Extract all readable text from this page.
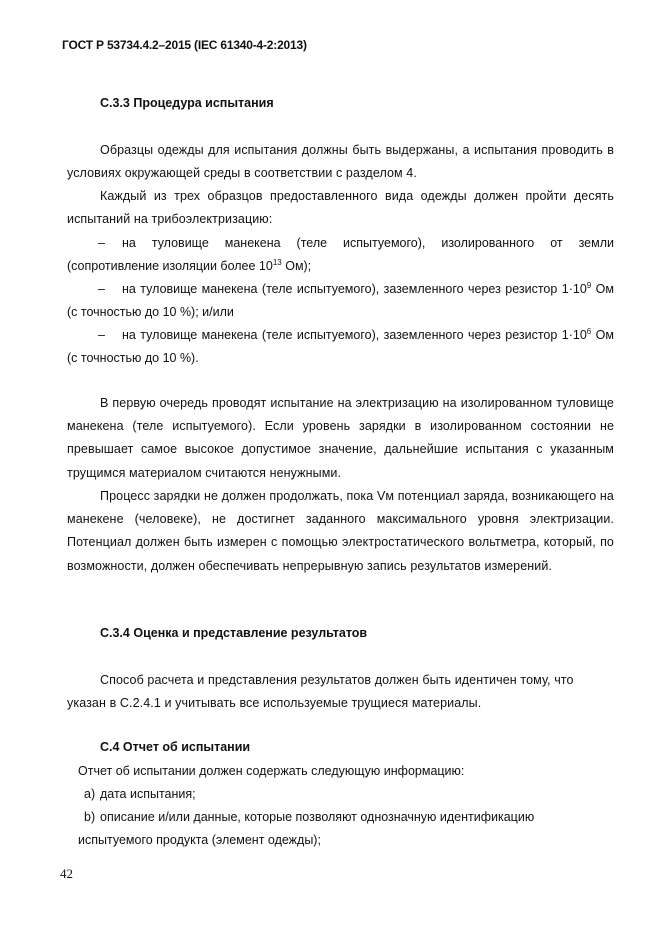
ГОСТ Р 53734.4.2–2015 (IEC 61340-4-2:2013)
С.3.3 Процедура испытания

Образцы одежды для испытания должны быть выдержаны, а испытания проводить в условиях окружающей среды в соответствии с разделом 4.

Каждый из трех образцов предоставленного вида одежды должен пройти десять испытаний на трибоэлектризацию:

– на туловище манекена (теле испытуемого), изолированного от земли (сопротивление изоляции более $10^{13}$ Ом);

– на туловище манекена (теле испытуемого), заземленного через резистор $1\cdot 10^9$ Ом (с точностью до 10 %); и/или

– на туловище манекена (теле испытуемого), заземленного через резистор $1\cdot 10^6$ Ом (с точностью до 10 %).

В первую очередь проводят испытание на электризацию на изолированном туловище манекена (теле испытуемого). Если уровень зарядки в изолированном состоянии не превышает самое высокое допустимое значение, дальнейшие испытания с указанным трущимся материалом считаются ненужными.

Процесс зарядки не должен продолжать, пока Vм потенциал заряда, возникающего на манекене (человеке), не достигнет заданного максимального уровня электризации. Потенциал должен быть измерен с помощью электростатического вольтметра, который, по возможности, должен обеспечивать непрерывную запись результатов измерений.

С.3.4 Оценка и представление результатов

Способ расчета и представления результатов должен быть идентичен тому, что указан в С.2.4.1 и учитывать все используемые трущиеся материалы.

С.4 Отчет об испытании
Отчет об испытании должен содержать следующую информацию:
a) дата испытания;
b) описание и/или данные, которые позволяют однозначную идентификацию
испытуемого продукта (элемент одежды);
42
